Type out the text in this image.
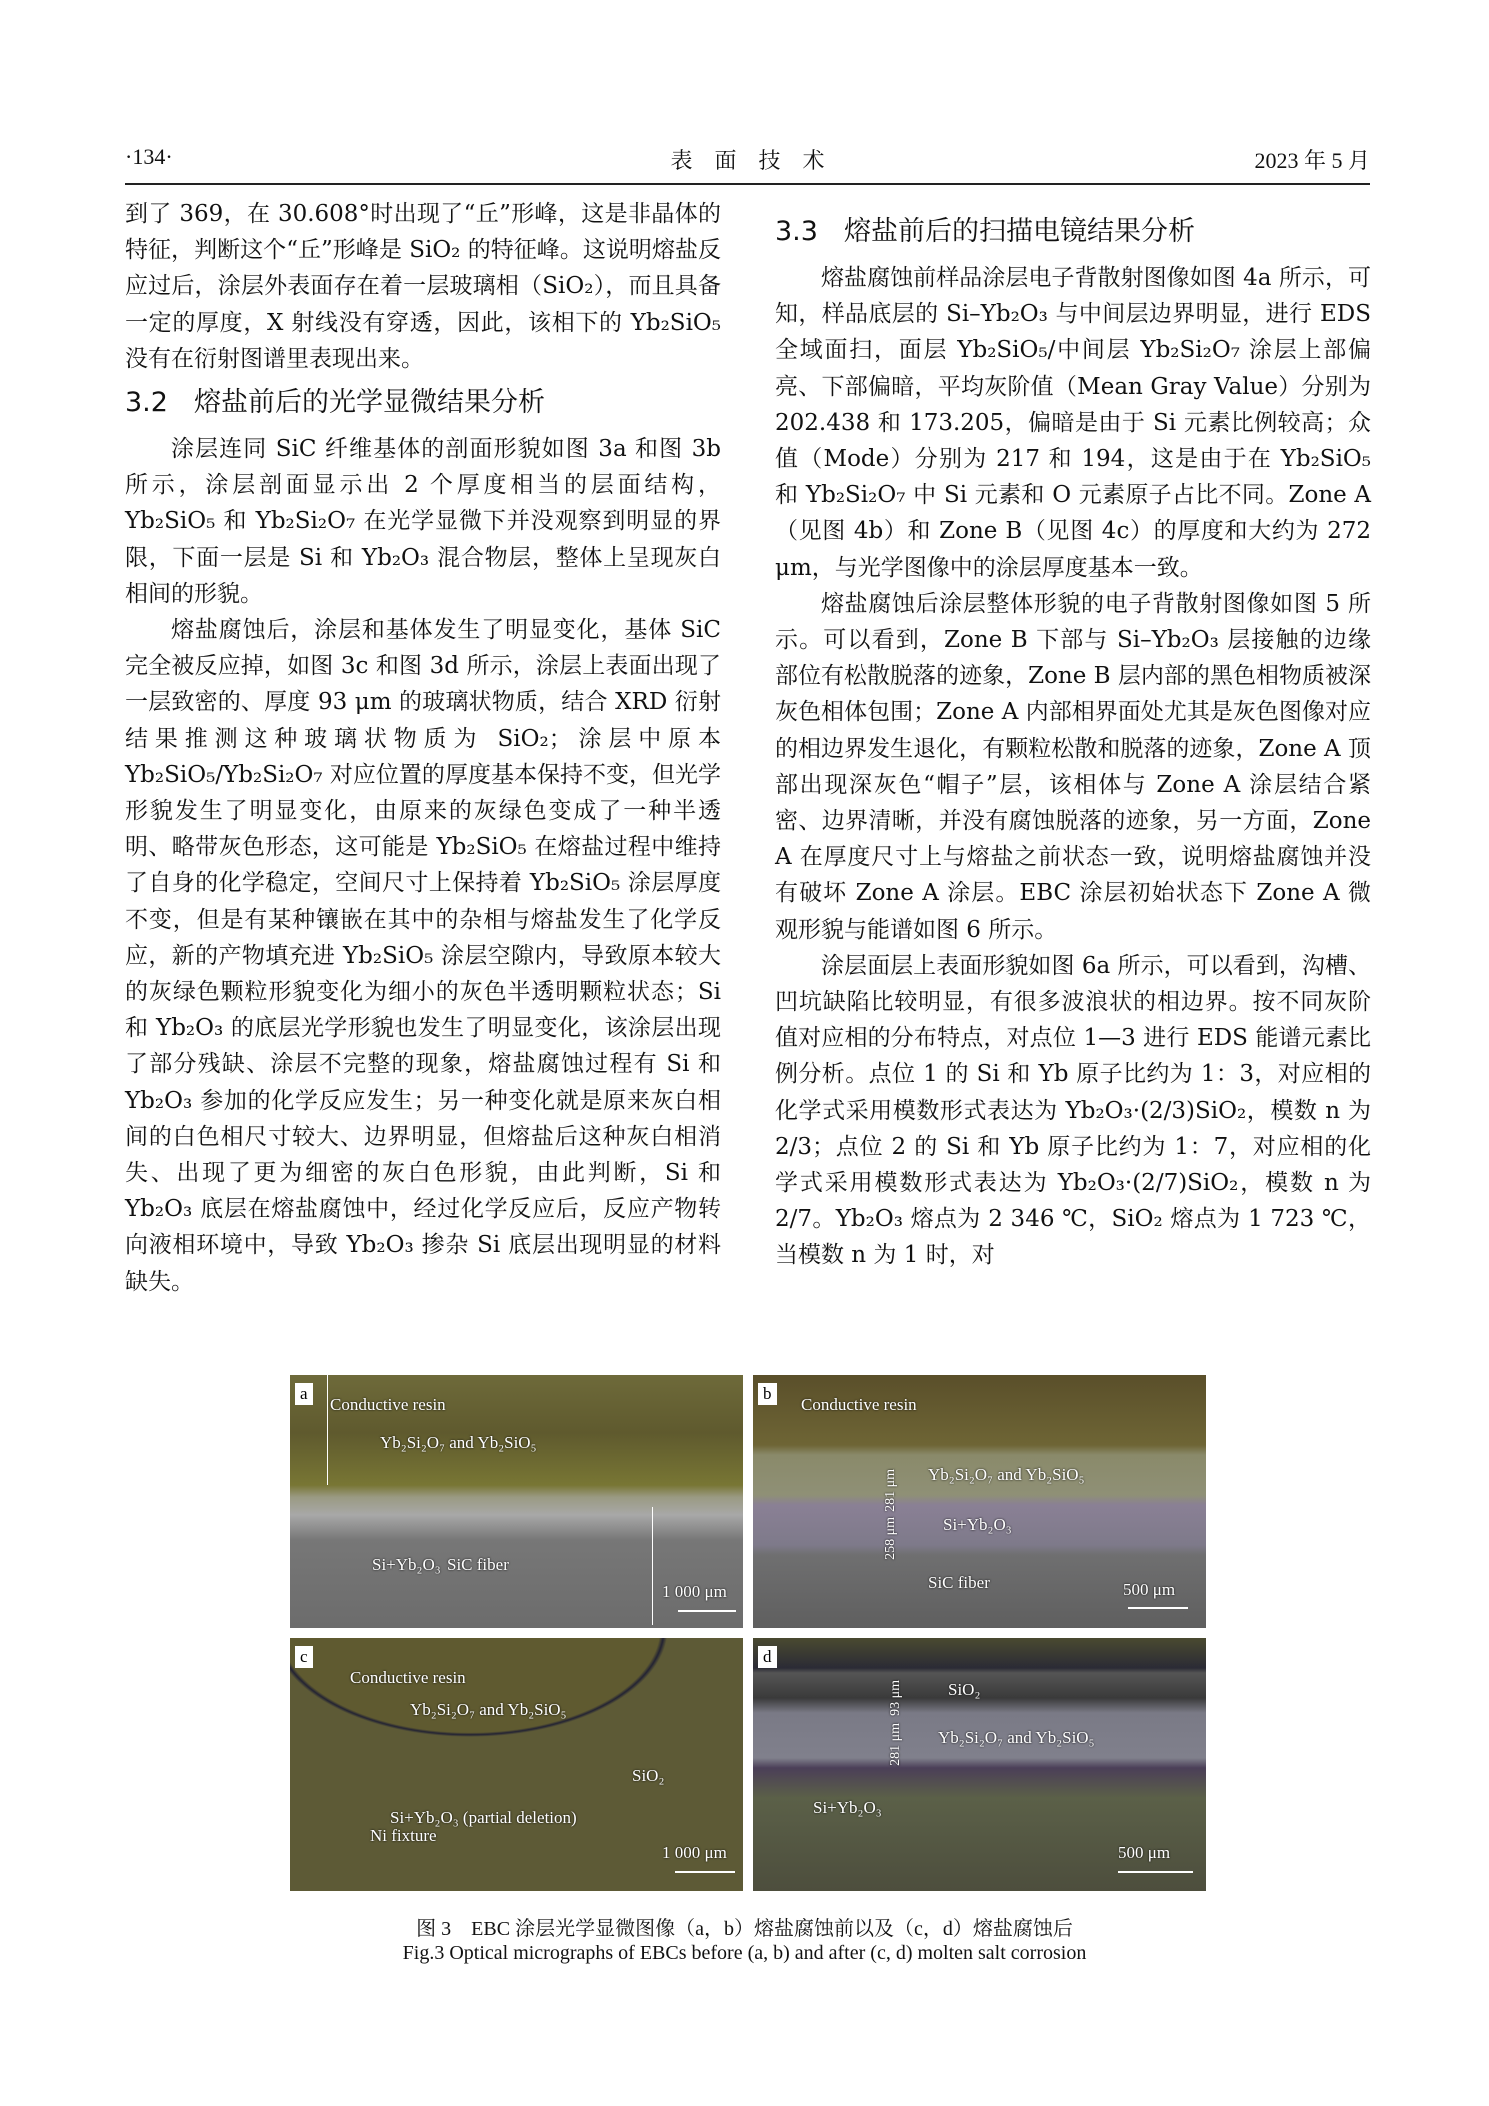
·134·	表　面　技　术	2023 年 5 月

到了 369，在 30.608°时出现了“丘”形峰，这是非晶体的特征，判断这个“丘”形峰是 SiO₂ 的特征峰。这说明熔盐反应过后，涂层外表面存在着一层玻璃相（SiO₂），而且具备一定的厚度，X 射线没有穿透，因此，该相下的 Yb₂SiO₅ 没有在衍射图谱里表现出来。

3.2 熔盐前后的光学显微结果分析

涂层连同 SiC 纤维基体的剖面形貌如图 3a 和图 3b 所示，涂层剖面显示出 2 个厚度相当的层面结构，Yb₂SiO₅ 和 Yb₂Si₂O₇ 在光学显微下并没观察到明显的界限，下面一层是 Si 和 Yb₂O₃ 混合物层，整体上呈现灰白相间的形貌。

熔盐腐蚀后，涂层和基体发生了明显变化，基体 SiC 完全被反应掉，如图 3c 和图 3d 所示，涂层上表面出现了一层致密的、厚度 93 μm 的玻璃状物质，结合 XRD 衍射结果推测这种玻璃状物质为 SiO₂；涂层中原本 Yb₂SiO₅/Yb₂Si₂O₇ 对应位置的厚度基本保持不变，但光学形貌发生了明显变化，由原来的灰绿色变成了一种半透明、略带灰色形态，这可能是 Yb₂SiO₅ 在熔盐过程中维持了自身的化学稳定，空间尺寸上保持着 Yb₂SiO₅ 涂层厚度不变，但是有某种镶嵌在其中的杂相与熔盐发生了化学反应，新的产物填充进 Yb₂SiO₅ 涂层空隙内，导致原本较大的灰绿色颗粒形貌变化为细小的灰色半透明颗粒状态；Si 和 Yb₂O₃ 的底层光学形貌也发生了明显变化，该涂层出现了部分残缺、涂层不完整的现象，熔盐腐蚀过程有 Si 和 Yb₂O₃ 参加的化学反应发生；另一种变化就是原来灰白相间的白色相尺寸较大、边界明显，但熔盐后这种灰白相消失、出现了更为细密的灰白色形貌，由此判断，Si 和 Yb₂O₃ 底层在熔盐腐蚀中，经过化学反应后，反应产物转向液相环境中，导致 Yb₂O₃ 掺杂 Si 底层出现明显的材料缺失。

3.3 熔盐前后的扫描电镜结果分析

熔盐腐蚀前样品涂层电子背散射图像如图 4a 所示，可知，样品底层的 Si–Yb₂O₃ 与中间层边界明显，进行 EDS 全域面扫，面层 Yb₂SiO₅/中间层 Yb₂Si₂O₇ 涂层上部偏亮、下部偏暗，平均灰阶值（Mean Gray Value）分别为 202.438 和 173.205，偏暗是由于 Si 元素比例较高；众值（Mode）分别为 217 和 194，这是由于在 Yb₂SiO₅ 和 Yb₂Si₂O₇ 中 Si 元素和 O 元素原子占比不同。Zone A（见图 4b）和 Zone B（见图 4c）的厚度和大约为 272 μm，与光学图像中的涂层厚度基本一致。

熔盐腐蚀后涂层整体形貌的电子背散射图像如图 5 所示。可以看到，Zone B 下部与 Si–Yb₂O₃ 层接触的边缘部位有松散脱落的迹象，Zone B 层内部的黑色相物质被深灰色相体包围；Zone A 内部相界面处尤其是灰色图像对应的相边界发生退化，有颗粒松散和脱落的迹象，Zone A 顶部出现深灰色“帽子”层，该相体与 Zone A 涂层结合紧密、边界清晰，并没有腐蚀脱落的迹象，另一方面，Zone A 在厚度尺寸上与熔盐之前状态一致，说明熔盐腐蚀并没有破坏 Zone A 涂层。EBC 涂层初始状态下 Zone A 微观形貌与能谱如图 6 所示。

涂层面层上表面形貌如图 6a 所示，可以看到，沟槽、凹坑缺陷比较明显，有很多波浪状的相边界。按不同灰阶值对应相的分布特点，对点位 1—3 进行 EDS 能谱元素比例分析。点位 1 的 Si 和 Yb 原子比约为 1：3，对应相的化学式采用模数形式表达为 Yb₂O₃·(2/3)SiO₂，模数 n 为 2/3；点位 2 的 Si 和 Yb 原子比约为 1：7，对应相的化学式采用模数形式表达为 Yb₂O₃·(2/7)SiO₂，模数 n 为 2/7。Yb₂O₃ 熔点为 2 346 ℃，SiO₂ 熔点为 1 723 ℃，当模数 n 为 1 时，对

a
Conductive resin
Yb₂Si₂O₇ and Yb₂SiO₅
Si+Yb₂O₃ SiC fiber
1 000 μm
b
Conductive resin
281 μm Yb₂Si₂O₇ and Yb₂SiO₅
258 μm	Si+Yb₂O₃
SiC fiber	500 μm
c
Conductive resin
Yb₂Si₂O₇ and Yb₂SiO₅
SiO₂
Si+Yb₂O₃ (partial deletion)
Ni fixture
1 000 μm
d
93 μm	SiO₂
281 μm Yb₂Si₂O₇ and Yb₂SiO₅
Si+Yb₂O₃
500 μm
图 3　EBC 涂层光学显微图像（a，b）熔盐腐蚀前以及（c，d）熔盐腐蚀后
Fig.3 Optical micrographs of EBCs before (a, b) and after (c, d) molten salt corrosion
